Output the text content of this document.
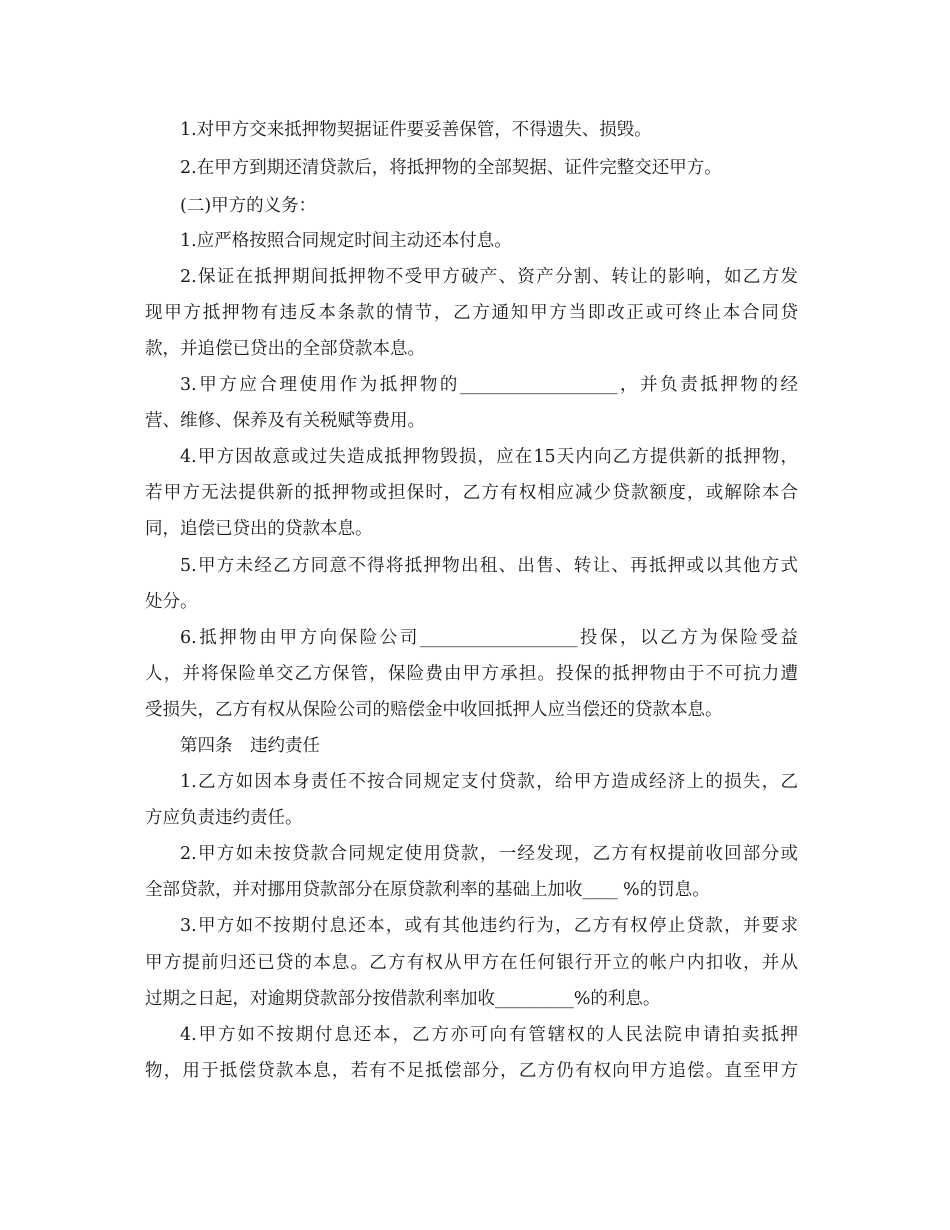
1.对甲方交来抵押物契据证件要妥善保管，不得遗失、损毁。
2.在甲方到期还清贷款后，将抵押物的全部契据、证件完整交还甲方。
(二)甲方的义务：
1.应严格按照合同规定时间主动还本付息。
2.保证在抵押期间抵押物不受甲方破产、资产分割、转让的影响，如乙方发
现甲方抵押物有违反本条款的情节，乙方通知甲方当即改正或可终止本合同贷
款，并追偿已贷出的全部贷款本息。
3.甲方应合理使用作为抵押物的__________________，并负责抵押物的经
营、维修、保养及有关税赋等费用。
4.甲方因故意或过失造成抵押物毁损，应在15天内向乙方提供新的抵押物，
若甲方无法提供新的抵押物或担保时，乙方有权相应减少贷款额度，或解除本合
同，追偿已贷出的贷款本息。
5.甲方未经乙方同意不得将抵押物出租、出售、转让、再抵押或以其他方式
处分。
6.抵押物由甲方向保险公司__________________投保，以乙方为保险受益
人，并将保险单交乙方保管，保险费由甲方承担。投保的抵押物由于不可抗力遭
受损失，乙方有权从保险公司的赔偿金中收回抵押人应当偿还的贷款本息。
第四条　违约责任
1.乙方如因本身责任不按合同规定支付贷款，给甲方造成经济上的损失，乙
方应负责违约责任。
2.甲方如未按贷款合同规定使用贷款，一经发现，乙方有权提前收回部分或
全部贷款，并对挪用贷款部分在原贷款利率的基础上加收____ %的罚息。
3.甲方如不按期付息还本，或有其他违约行为，乙方有权停止贷款，并要求
甲方提前归还已贷的本息。乙方有权从甲方在任何银行开立的帐户内扣收，并从
过期之日起，对逾期贷款部分按借款利率加收_________%的利息。
4.甲方如不按期付息还本，乙方亦可向有管辖权的人民法院申请拍卖抵押
物，用于抵偿贷款本息，若有不足抵偿部分，乙方仍有权向甲方追偿。直至甲方
